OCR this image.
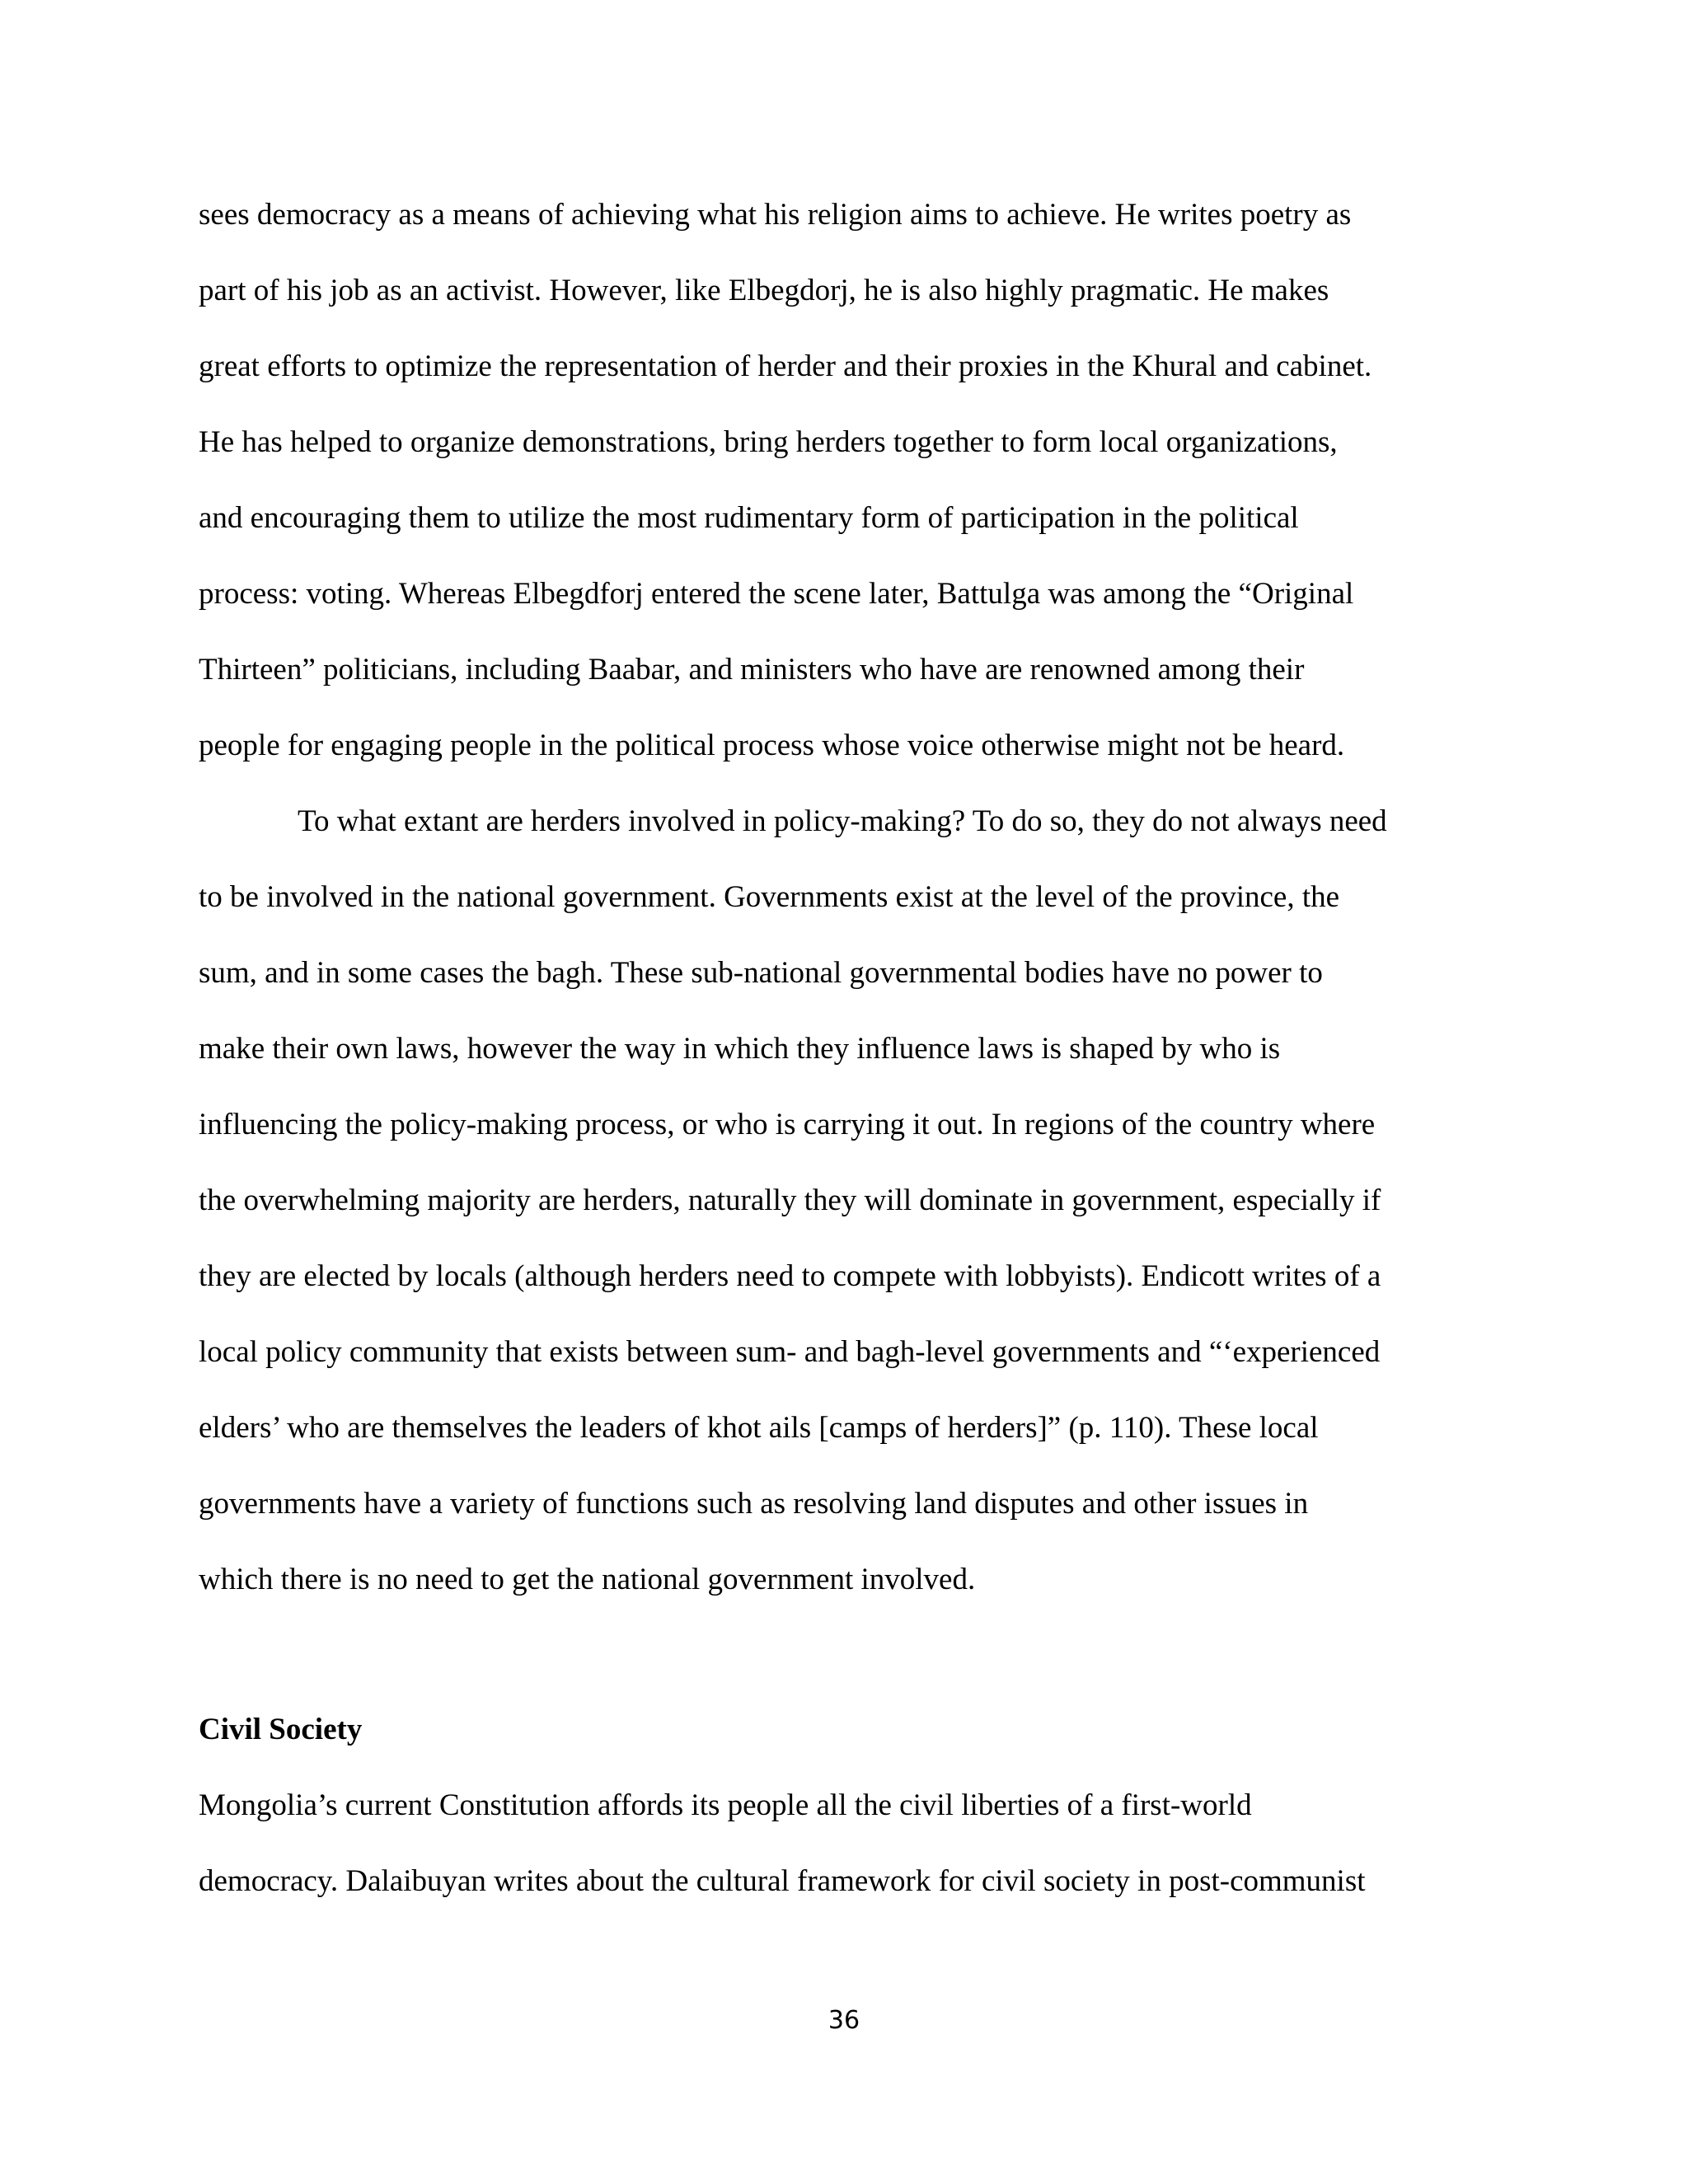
sees democracy as a means of achieving what his religion aims to achieve. He writes poetry as
part of his job as an activist. However, like Elbegdorj, he is also highly pragmatic. He makes
great efforts to optimize the representation of herder and their proxies in the Khural and cabinet.
He has helped to organize demonstrations, bring herders together to form local organizations,
and encouraging them to utilize the most rudimentary form of participation in the political
process: voting. Whereas Elbegdforj entered the scene later, Battulga was among the “Original
Thirteen” politicians, including Baabar, and ministers who have are renowned among their
people for engaging people in the political process whose voice otherwise might not be heard.
To what extant are herders involved in policy-making? To do so, they do not always need
to be involved in the national government. Governments exist at the level of the province, the
sum, and in some cases the bagh. These sub-national governmental bodies have no power to
make their own laws, however the way in which they influence laws is shaped by who is
influencing the policy-making process, or who is carrying it out. In regions of the country where
the overwhelming majority are herders, naturally they will dominate in government, especially if
they are elected by locals (although herders need to compete with lobbyists). Endicott writes of a
local policy community that exists between sum- and bagh-level governments and “‘experienced
elders’ who are themselves the leaders of khot ails [camps of herders]” (p. 110). These local
governments have a variety of functions such as resolving land disputes and other issues in
which there is no need to get the national government involved.
Civil Society
Mongolia’s current Constitution affords its people all the civil liberties of a first-world
democracy. Dalaibuyan writes about the cultural framework for civil society in post-communist
36
